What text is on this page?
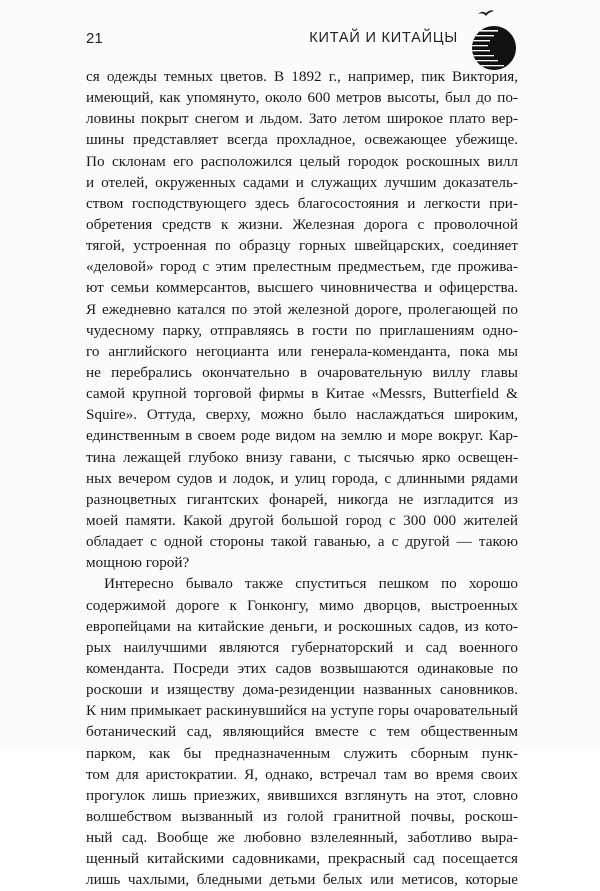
21	КИТАЙ И КИТАЙЦЫ
ся одежды темных цветов. В 1892 г., например, пик Виктория,
имеющий, как упомянуто, около 600 метров высоты, был до по-
ловины покрыт снегом и льдом. Зато летом широкое плато вер-
шины представляет всегда прохладное, освежающее убежище.
По склонам его расположился целый городок роскошных вилл
и отелей, окруженных садами и служащих лучшим доказатель-
ством господствующего здесь благосостояния и легкости при-
обретения средств к жизни. Железная дорога с проволочной
тягой, устроенная по образцу горных швейцарских, соединяет
«деловой» город с этим прелестным предместьем, где прожива-
ют семьи коммерсантов, высшего чиновничества и офицерства.
Я ежедневно катался по этой железной дороге, пролегающей по
чудесному парку, отправляясь в гости по приглашениям одно-
го английского негоцианта или генерала-коменданта, пока мы
не перебрались окончательно в очаровательную виллу главы
самой крупной торговой фирмы в Китае «Messrs, Butterfield &
Squire». Оттуда, сверху, можно было наслаждаться широким,
единственным в своем роде видом на землю и море вокруг. Кар-
тина лежащей глубоко внизу гавани, с тысячью ярко освещен-
ных вечером судов и лодок, и улиц города, с длинными рядами
разноцветных гигантских фонарей, никогда не изгладится из
моей памяти. Какой другой большой город с 300 000 жителей
обладает с одной стороны такой гаванью, а с другой — такою
мощною горой?
Интересно бывало также спуститься пешком по хорошо
содержимой дороге к Гонконгу, мимо дворцов, выстроенных
европейцами на китайские деньги, и роскошных садов, из кото-
рых наилучшими являются губернаторский и сад военного
коменданта. Посреди этих садов возвышаются одинаковые по
роскоши и изяществу дома-резиденции названных сановников.
К ним примыкает раскинувшийся на уступе горы очаровательный
ботанический сад, являющийся вместе с тем общественным
парком, как бы предназначенным служить сборным пунк-
том для аристократии. Я, однако, встречал там во время своих
прогулок лишь приезжих, явившихся взглянуть на этот, словно
волшебством вызванный из голой гранитной почвы, роскош-
ный сад. Вообще же любовно взлелеянный, заботливо выра-
щенный китайскими садовниками, прекрасный сад посещается
лишь чахлыми, бледными детьми белых или метисов, которые
